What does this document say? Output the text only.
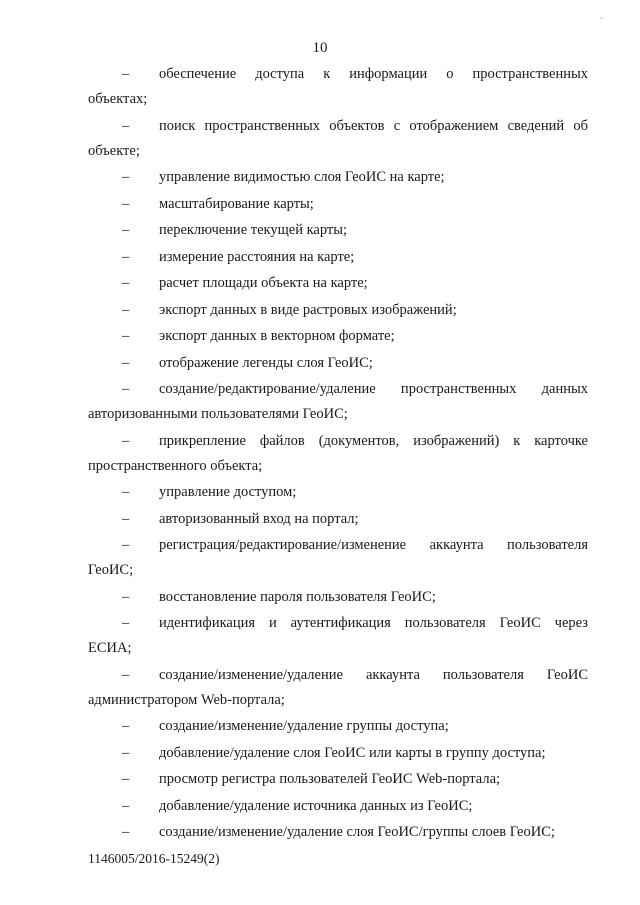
·
10
– обеспечение доступа к информации о пространственных
объектах;
– поиск пространственных объектов с отображением сведений об
объекте;
– управление видимостью слоя ГеоИС на карте;
– масштабирование карты;
– переключение текущей карты;
– измерение расстояния на карте;
– расчет площади объекта на карте;
– экспорт данных в виде растровых изображений;
– экспорт данных в векторном формате;
– отображение легенды слоя ГеоИС;
– создание/редактирование/удаление пространственных данных
авторизованными пользователями ГеоИС;
– прикрепление файлов (документов, изображений) к карточке
пространственного объекта;
– управление доступом;
– авторизованный вход на портал;
– регистрация/редактирование/изменение аккаунта пользователя
ГеоИС;
– восстановление пароля пользователя ГеоИС;
– идентификация и аутентификация пользователя ГеоИС через
ЕСИА;
– создание/изменение/удаление аккаунта пользователя ГеоИС
администратором Web-портала;
– создание/изменение/удаление группы доступа;
– добавление/удаление слоя ГеоИС или карты в группу доступа;
– просмотр регистра пользователей ГеоИС Web-портала;
– добавление/удаление источника данных из ГеоИС;
– создание/изменение/удаление слоя ГеоИС/группы слоев ГеоИС;
1146005/2016-15249(2)
